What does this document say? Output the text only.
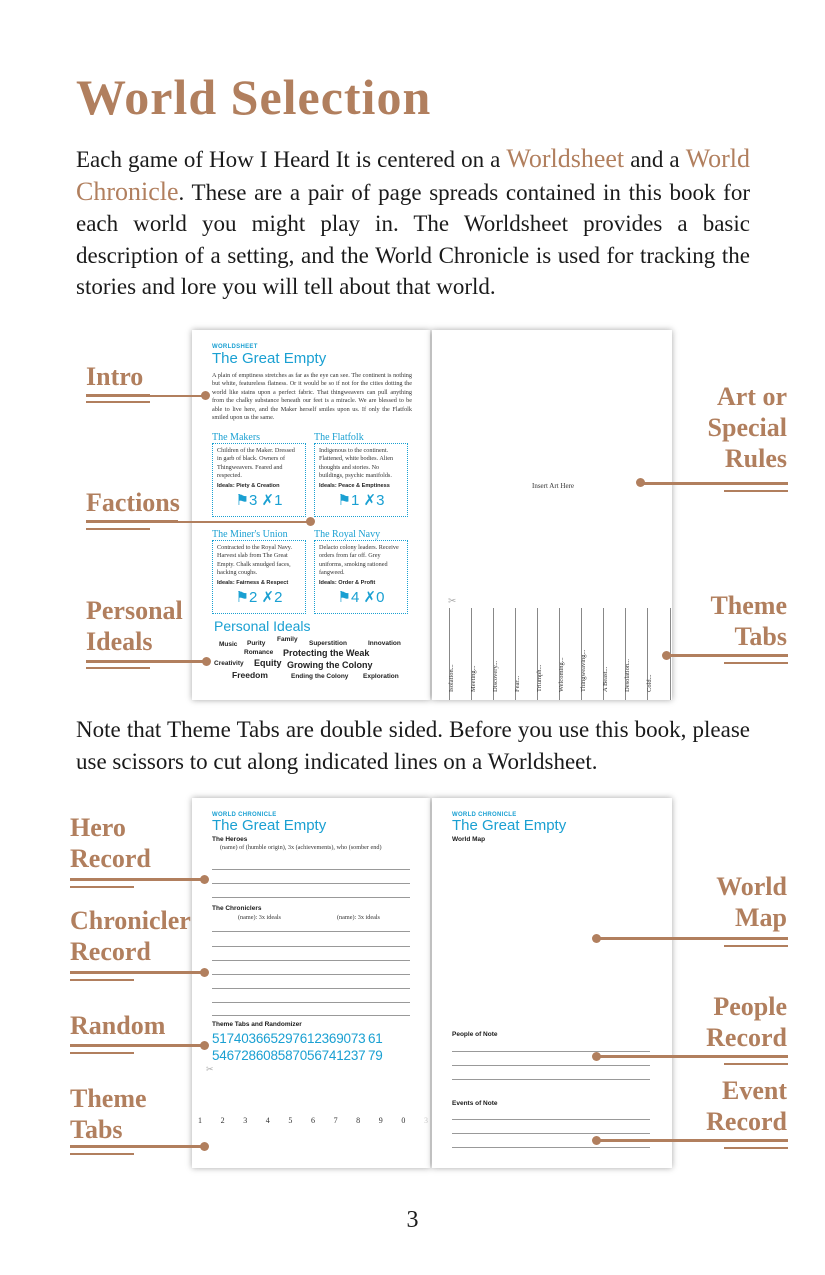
World Selection
Each game of How I Heard It is centered on a Worldsheet and a World Chronicle. These are a pair of page spreads contained in this book for each world you might play in. The Worldsheet provides a basic description of a setting, and the World Chronicle is used for tracking the stories and lore you will tell about that world.
WORLDSHEET
The Great Empty
A plain of emptiness stretches as far as the eye can see. The continent is nothing but white, featureless flatness. Or it would be so if not for the cities dotting the world like stains upon a perfect fabric. That thingweavers can pull anything from the chalky substance beneath our feet is a miracle. We are blessed to be able to live here, and the Maker herself smiles upon us. If only the Flatfolk smiled upon us the same.
The Makers
Children of the Maker. Dressed in garb of black. Owners of Thingweavers. Feared and respected.
Ideals: Piety & Creation
⚑3 ✗1
The Flatfolk
Indigenous to the continent. Flattened, white bodies. Alien thoughts and stories. No buildings, psychic manifolds.
Ideals: Peace & Emptiness
⚑1 ✗3
The Miner's Union
Contracted to the Royal Navy. Harvest slab from The Great Empty. Chalk smudged faces, hacking coughs.
Ideals: Fairness & Respect
⚑2 ✗2
The Royal Navy
Delacto colony leaders. Receive orders from far off. Grey uniforms, smoking rationed fangweed.
Ideals: Order & Profit
⚑4 ✗0
Personal Ideals
Music Purity
Family
Superstition	Innovation
Romance Protecting the Weak
Creativity Equity Growing the Colony
Freedom	Ending the Colony Exploration
Insert Art Here
✂
Isolation... Meeting... Discovery... Fear... Triumph... Welcoming... Thingweaving... A Beast... Desolation... Cold...
Intro
Factions
Personal
Ideals
Art or
Special
Rules
Theme
Tabs
Note that Theme Tabs are double sided. Before you use this book, please use scissors to cut along indicated lines on a Worldsheet.
WORLD CHRONICLE
The Great Empty
The Heroes
(name) of (humble origin), 3x (achievements), who (somber end)
The Chroniclers
(name): 3x ideals	(name): 3x ideals
Theme Tabs and Randomizer
517403665297612369073 61
546728608587056741237 79
✂
1 2 3 4 5 6 7 8 9 0 3
WORLD CHRONICLE
The Great Empty
World Map
People of Note
Events of Note
Hero
Record
Chronicler
Record
Random
Theme
Tabs
World
Map
People
Record
Event
Record
3
